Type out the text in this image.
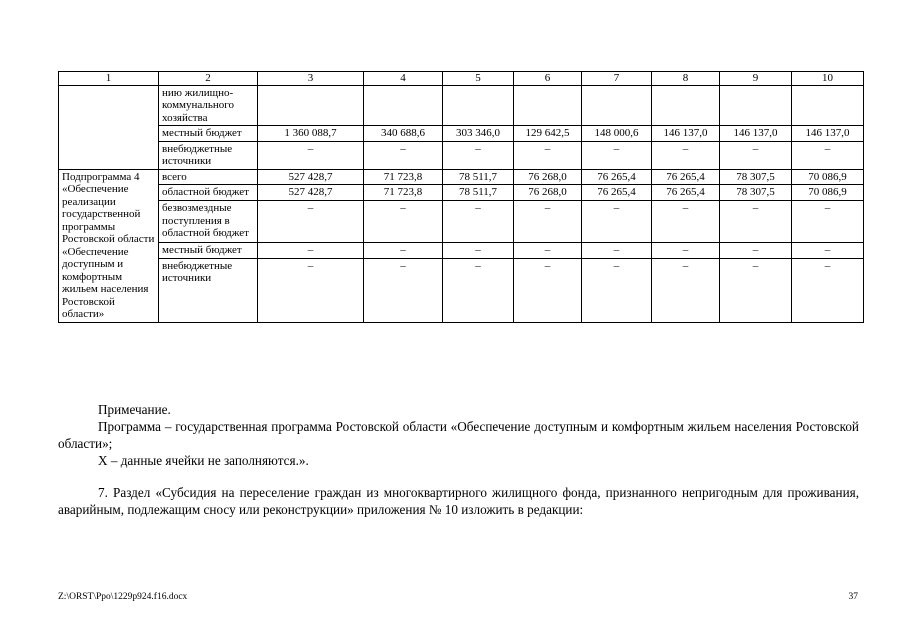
1	2	3	4	5	6	7	8	9	10
	нию жилищно-коммунального хозяйства								
	местный бюджет	1 360 088,7	340 688,6	303 346,0	129 642,5	148 000,6	146 137,0	146 137,0	146 137,0
	внебюджетные источники	–	–	–	–	–	–	–	–
Подпрограмма 4 «Обеспечение реализации государственной программы Ростовской области «Обеспечение доступным и комфортным жильем населения Ростовской области»	всего	527 428,7	71 723,8	78 511,7	76 268,0	76 265,4	76 265,4	78 307,5	70 086,9
	областной бюджет	527 428,7	71 723,8	78 511,7	76 268,0	76 265,4	76 265,4	78 307,5	70 086,9
	безвозмездные поступления в областной бюджет	–	–	–	–	–	–	–	–
	местный бюджет	–	–	–	–	–	–	–	–
	внебюджетные источники	–	–	–	–	–	–	–	–
Примечание.
Программа – государственная программа Ростовской области «Обеспечение доступным и комфортным жильем населения Ростовской области»;
Х – данные ячейки не заполняются.».
7. Раздел «Субсидия на переселение граждан из многоквартирного жилищного фонда, признанного непригодным для проживания, аварийным, подлежащим сносу или реконструкции» приложения № 10 изложить в редакции:
Z:\ORST\Ppo\1229p924.f16.docx	37
